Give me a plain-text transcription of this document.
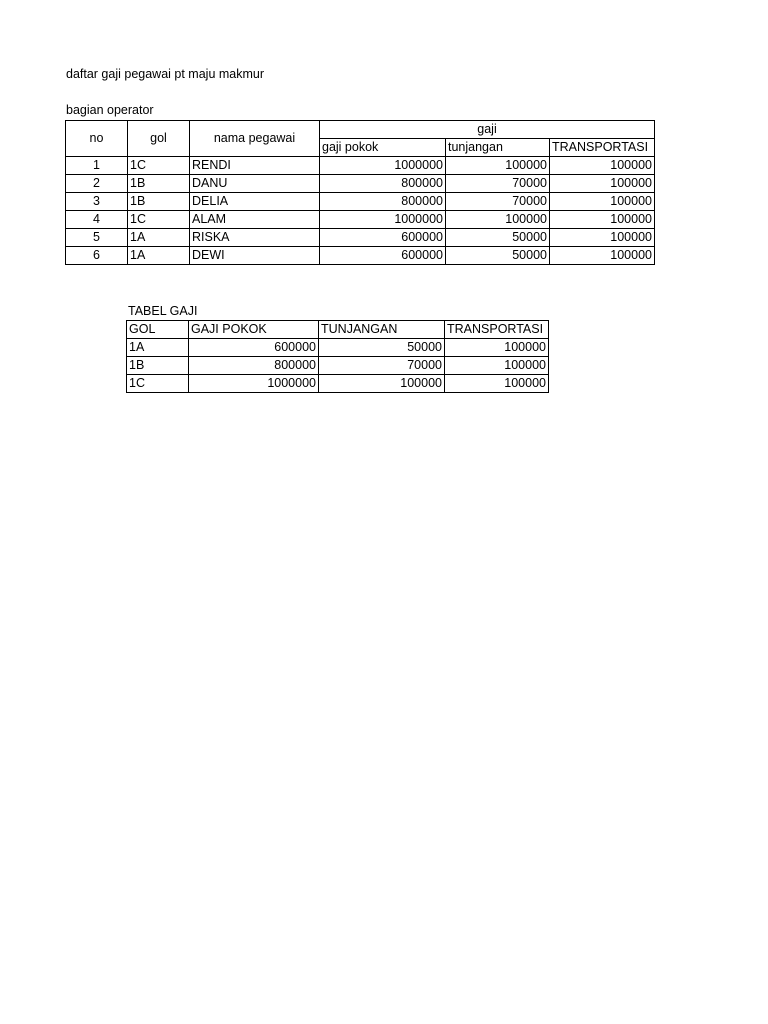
daftar gaji pegawai pt maju makmur
bagian operator
no	gol	nama pegawai	gaji		
			gaji pokok	tunjangan	TRANSPORTASI
1	1C	RENDI	1000000	100000	100000
2	1B	DANU	800000	70000	100000
3	1B	DELIA	800000	70000	100000
4	1C	ALAM	1000000	100000	100000
5	1A	RISKA	600000	50000	100000
6	1A	DEWI	600000	50000	100000
TABEL GAJI
GOL	GAJI POKOK	TUNJANGAN	TRANSPORTASI
1A	600000	50000	100000
1B	800000	70000	100000
1C	1000000	100000	100000
